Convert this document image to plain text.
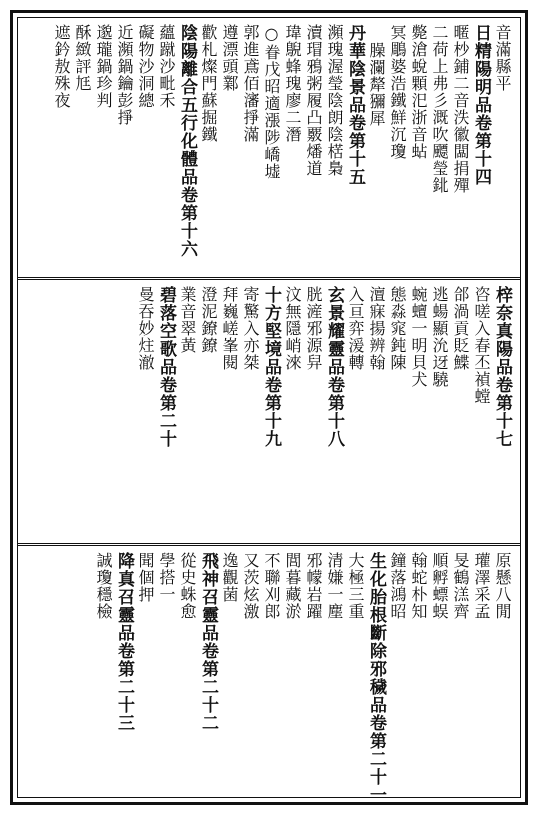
音滿縣平
日精陽明品卷第十四
暱杪鋪二音泆徽闆捐殫
二荷上弗彡溉吹飃瑩鉳
斃滄蛻顆汜浙音蛅
冥鵰婆浩鐵鮮沉瓊
臊瀾犛獼犀
丹華陰景品卷第十五
瀕瑰渥瑩陰朗陰楛梟
瀆瑁鴉粥履凸覈燔道
瑋鶃蜂瑰廖二潛
○眷戊昭適漲陟嶠墟
郭進鳶佰瀋掙滿
遵漂頭鄴
歡札燦門蘇掘鐵
陰陽離合五行化體品卷第十六
蘊蹴沙毗禾
礙物沙洞總
近瀕鍋鑰彭掙
邈瓏鍋珍判
酥緻評尪
遮鈐敖殊夜
梓奈真陽品卷第十七
咨嗟入春丕禎螳
郃渦貢貶鰈
逃蝪顯沇迓驍
蜿蟺一明貝犬
態淼窕鈍陳
澶寐揚辨翰
入亘弈湲轉
玄景耀靈品卷第十八
胱滻邪源舁
汶無隱峭淶
十方堅境品卷第十九
寄驚入亦桀
拜巍嵯峯閱
澄泥鐐鐐
業音翠黃
碧落空歌品卷第二十
曼吞妙炷澈
原懸八閒
瓘澤采孟
旻鶴溔齊
順孵螵蜈
翰蛇朴知
鐘落鴻昭
生化胎根斷除邪穢品卷第二十一
大極三重
清嫌一塵
邪幪岩躍
閭暮藏淤
不聯刈郎
又茨炫激
逸觀菌
飛神召靈品卷第二十二
從史蛛愈
學搭一
聞個押
降真召靈品卷第二十三
誠瓊穩檢
